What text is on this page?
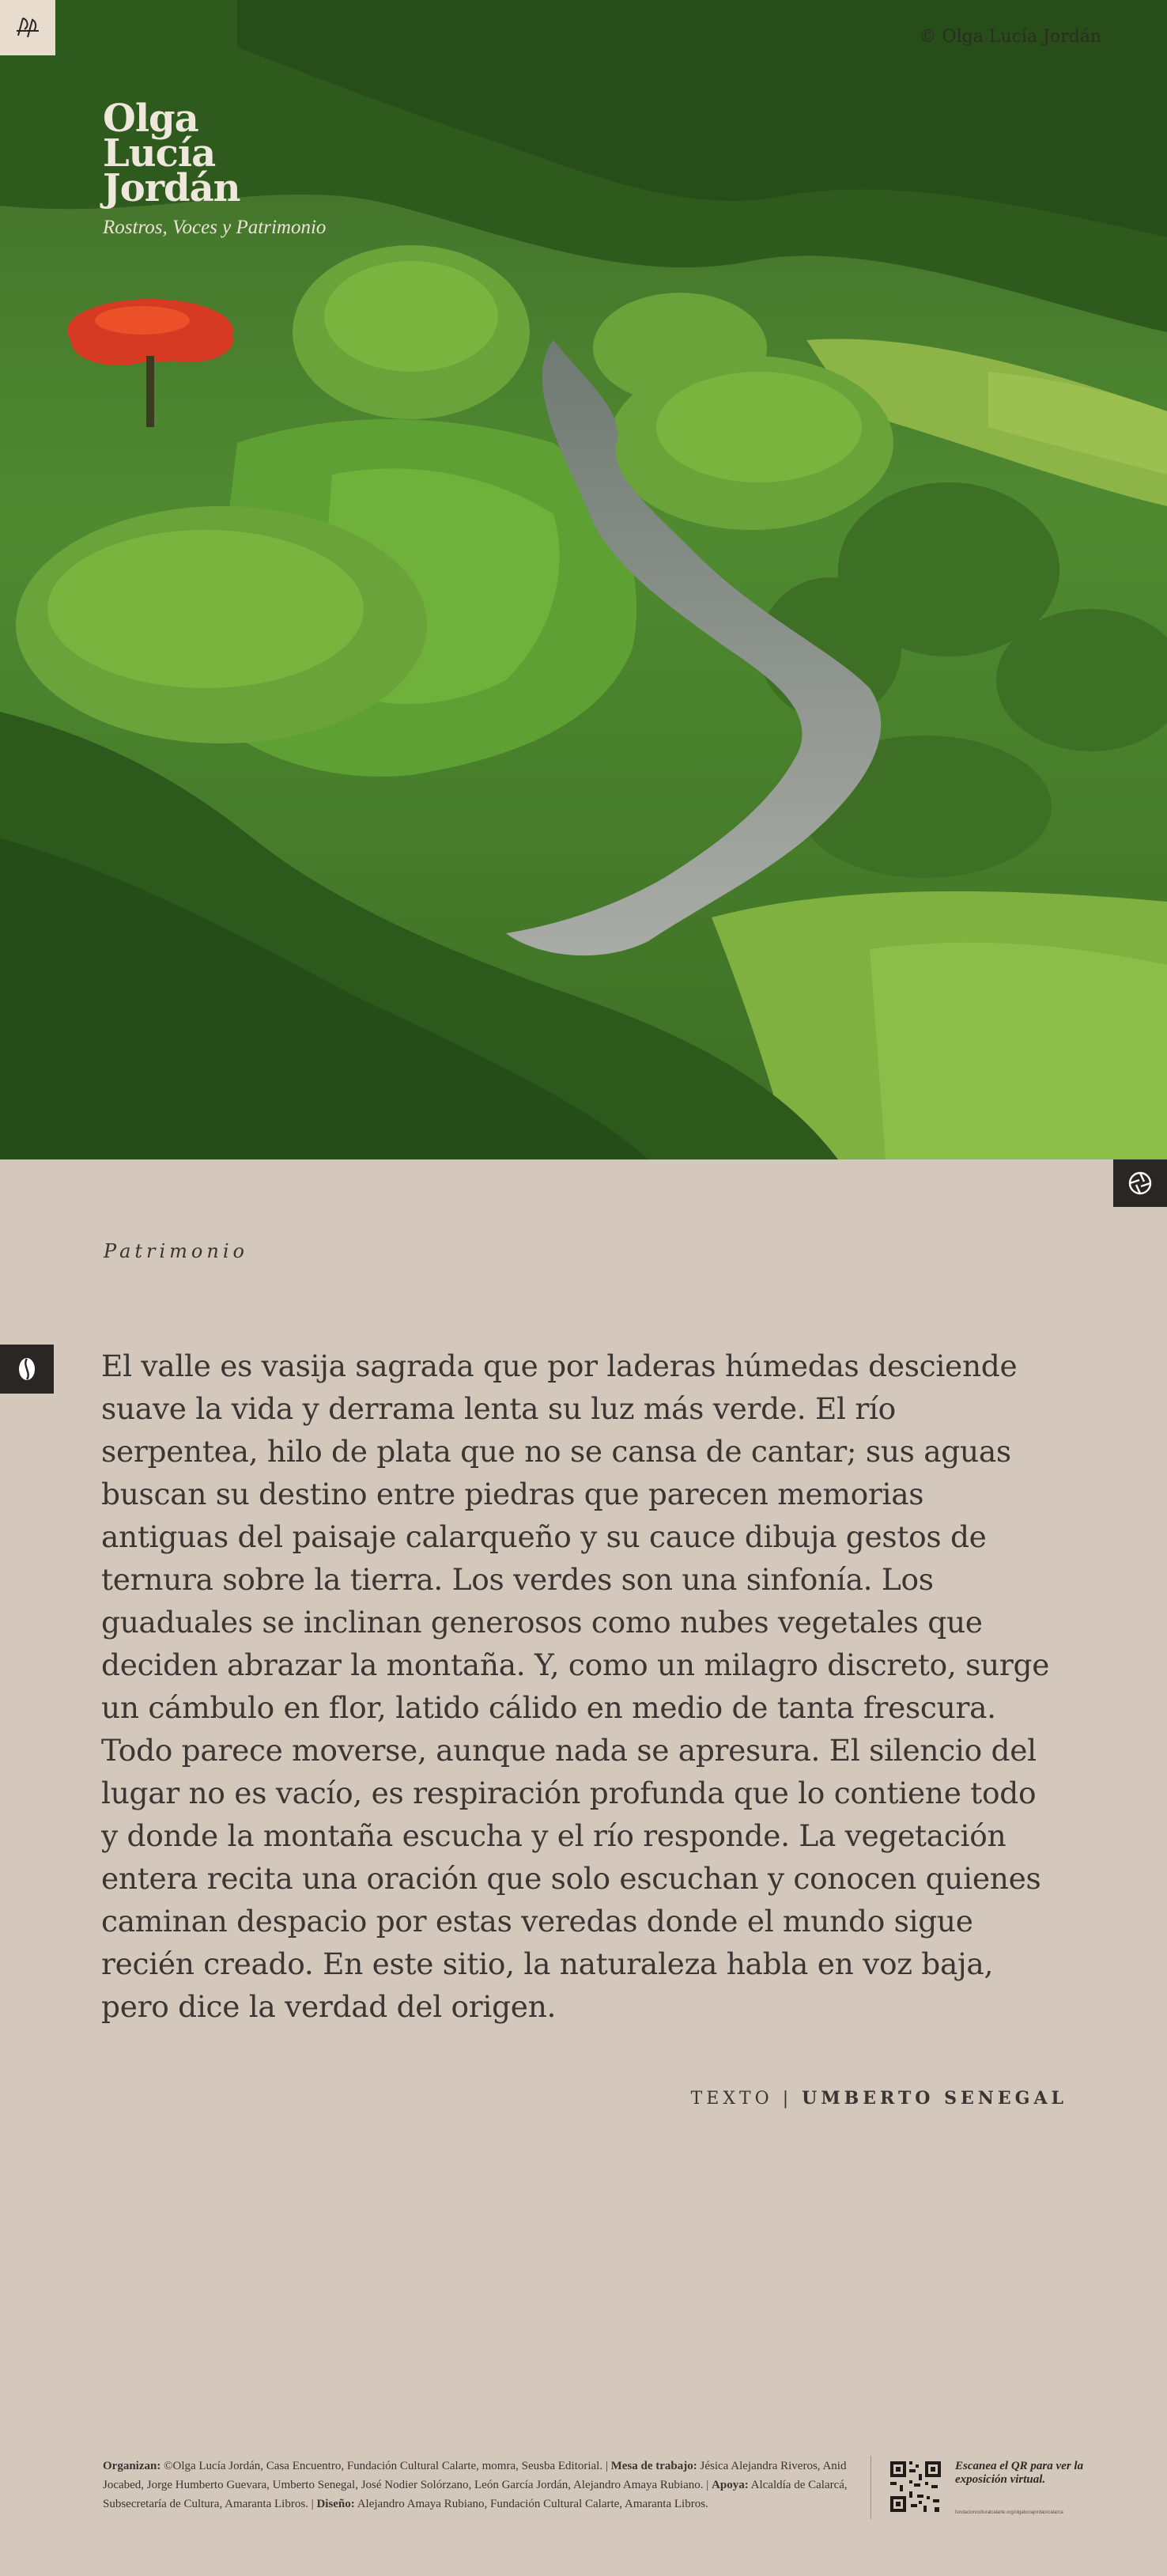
Olga
Lucía
Jordán
Rostros, Voces y Patrimonio
© Olga Lucía Jordán
Patrimonio

El valle es vasija sagrada que por laderas húmedas desciende suave la vida y derrama lenta su luz más verde. El río serpentea, hilo de plata que no se cansa de cantar; sus aguas buscan su destino entre piedras que parecen memorias antiguas del paisaje calarqueño y su cauce dibuja gestos de ternura sobre la tierra. Los verdes son una sinfonía. Los guaduales se inclinan generosos como nubes vegetales que deciden abrazar la montaña. Y, como un milagro discreto, surge un cámbulo en flor, latido cálido en medio de tanta frescura. Todo parece moverse, aunque nada se apresura. El silencio del lugar no es vacío, es respiración profunda que lo contiene todo y donde la montaña escucha y el río responde. La vegetación entera recita una oración que solo escuchan y conocen quienes caminan despacio por estas veredas donde el mundo sigue recién creado. En este sitio, la naturaleza habla en voz baja, pero dice la verdad del origen.

TEXTO | UMBERTO SENEGAL
Organizan: ©Olga Lucía Jordán, Casa Encuentro, Fundación Cultural Calarte, momra, Seusba Editorial. | Mesa de trabajo: Jésica Alejandra Riveros, Anid Jocabed, Jorge Humberto Guevara, Umberto Senegal, José Nodier Solórzano, León García Jordán, Alejandro Amaya Rubiano. | Apoya: Alcaldía de Calarcá, Subsecretaría de Cultura, Amaranta Libros. | Diseño: Alejandro Amaya Rubiano, Fundación Cultural Calarte, Amaranta Libros.
Escanea el QR para ver la exposición virtual.
fundacionculturalcalarte.org/olgaluciajordan/calarca
